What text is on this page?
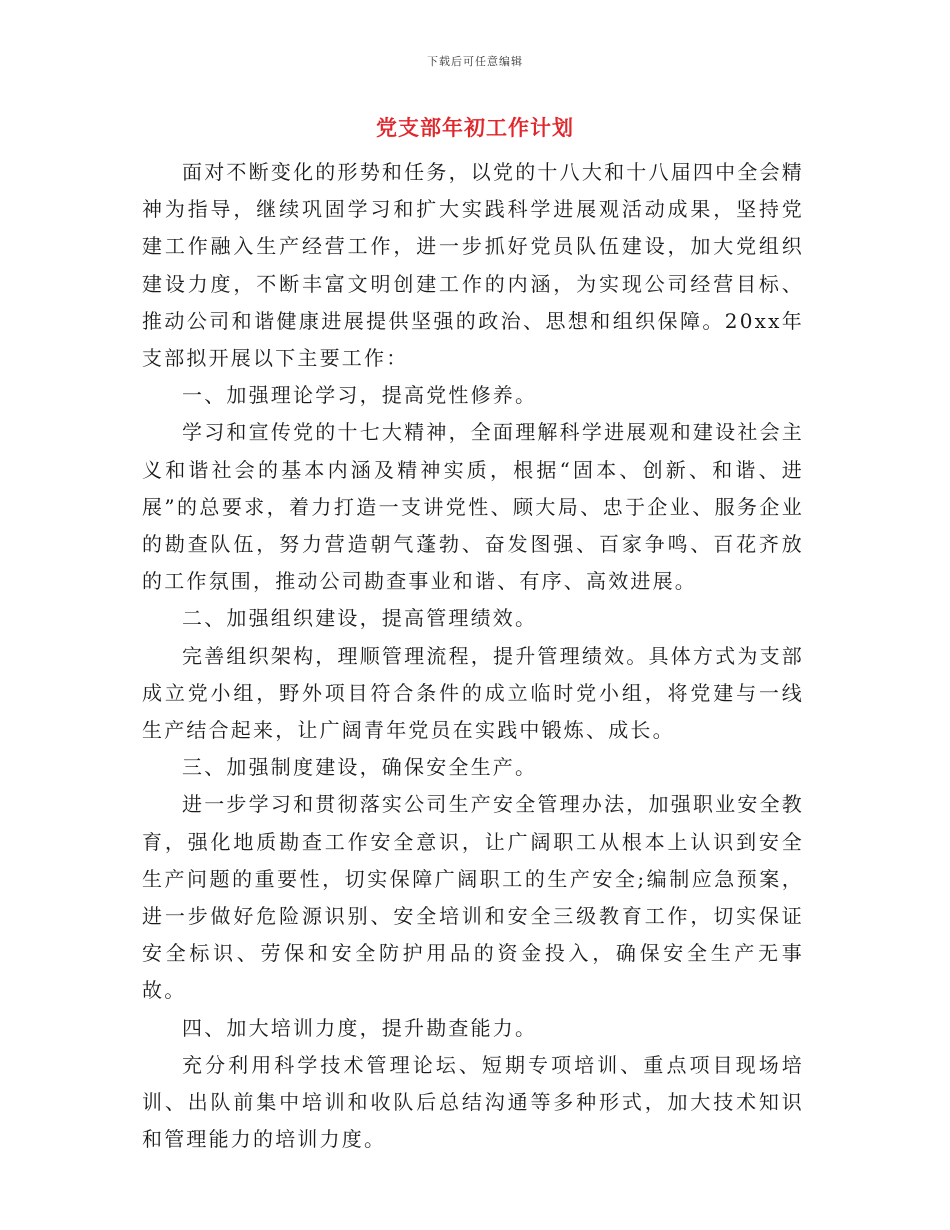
下载后可任意编辑
党支部年初工作计划

面对不断变化的形势和任务，以党的十八大和十八届四中全会精神为指导，继续巩固学习和扩大实践科学进展观活动成果，坚持党建工作融入生产经营工作，进一步抓好党员队伍建设，加大党组织建设力度，不断丰富文明创建工作的内涵，为实现公司经营目标、推动公司和谐健康进展提供坚强的政治、思想和组织保障。20xx年支部拟开展以下主要工作：

一、加强理论学习，提高党性修养。

学习和宣传党的十七大精神，全面理解科学进展观和建设社会主义和谐社会的基本内涵及精神实质，根据“固本、创新、和谐、进展”的总要求，着力打造一支讲党性、顾大局、忠于企业、服务企业的勘查队伍，努力营造朝气蓬勃、奋发图强、百家争鸣、百花齐放的工作氛围，推动公司勘查事业和谐、有序、高效进展。

二、加强组织建设，提高管理绩效。

完善组织架构，理顺管理流程，提升管理绩效。具体方式为支部成立党小组，野外项目符合条件的成立临时党小组，将党建与一线生产结合起来，让广阔青年党员在实践中锻炼、成长。

三、加强制度建设，确保安全生产。

进一步学习和贯彻落实公司生产安全管理办法，加强职业安全教育，强化地质勘查工作安全意识，让广阔职工从根本上认识到安全生产问题的重要性，切实保障广阔职工的生产安全;编制应急预案，进一步做好危险源识别、安全培训和安全三级教育工作，切实保证安全标识、劳保和安全防护用品的资金投入，确保安全生产无事故。

四、加大培训力度，提升勘查能力。

充分利用科学技术管理论坛、短期专项培训、重点项目现场培训、出队前集中培训和收队后总结沟通等多种形式，加大技术知识和管理能力的培训力度。
